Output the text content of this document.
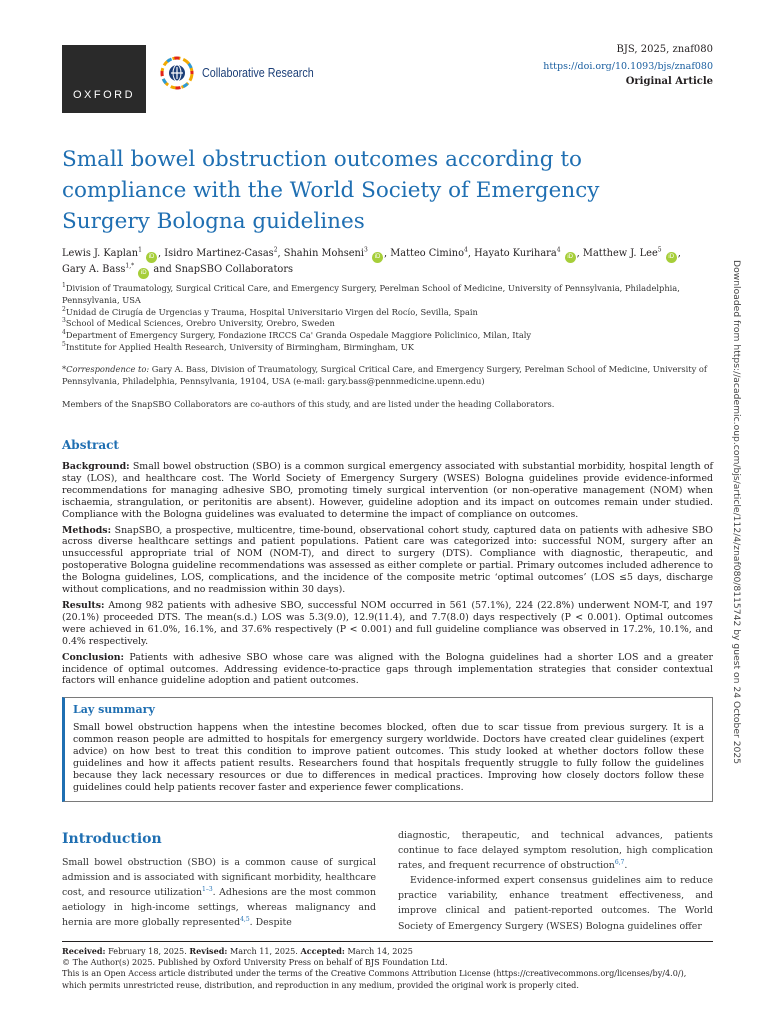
OXFORD
Collaborative Research
BJS, 2025, znaf080
https://doi.org/10.1093/bjs/znaf080
Original Article
Small bowel obstruction outcomes according to compliance with the World Society of Emergency Surgery Bologna guidelines
Lewis J. Kaplan$^1$ iD , Isidro Martinez-Casas$^2$, Shahin Mohseni$^3$ iD , Matteo Cimino$^4$, Hayato Kurihara$^4$ iD , Matthew J. Lee$^5$ iD ,
Gary A. Bass$^{1,*}$ iD and SnapSBO Collaborators
$^1$Division of Traumatology, Surgical Critical Care, and Emergency Surgery, Perelman School of Medicine, University of Pennsylvania, Philadelphia, Pennsylvania, USA
$^2$Unidad de Cirugía de Urgencias y Trauma, Hospital Universitario Virgen del Rocío, Sevilla, Spain
$^3$School of Medical Sciences, Orebro University, Orebro, Sweden
$^4$Department of Emergency Surgery, Fondazione IRCCS Ca' Granda Ospedale Maggiore Policlinico, Milan, Italy
$^5$Institute for Applied Health Research, University of Birmingham, Birmingham, UK
*Correspondence to: Gary A. Bass, Division of Traumatology, Surgical Critical Care, and Emergency Surgery, Perelman School of Medicine, University of Pennsylvania, Philadelphia, Pennsylvania, 19104, USA (e-mail: gary.bass@pennmedicine.upenn.edu)
Members of the SnapSBO Collaborators are co-authors of this study, and are listed under the heading Collaborators.
Abstract

Background: Small bowel obstruction (SBO) is a common surgical emergency associated with substantial morbidity, hospital length of stay (LOS), and healthcare cost. The World Society of Emergency Surgery (WSES) Bologna guidelines provide evidence-informed recommendations for managing adhesive SBO, promoting timely surgical intervention (or non-operative management (NOM) when ischaemia, strangulation, or peritonitis are absent). However, guideline adoption and its impact on outcomes remain under studied. Compliance with the Bologna guidelines was evaluated to determine the impact of compliance on outcomes.

Methods: SnapSBO, a prospective, multicentre, time-bound, observational cohort study, captured data on patients with adhesive SBO across diverse healthcare settings and patient populations. Patient care was categorized into: successful NOM, surgery after an unsuccessful appropriate trial of NOM (NOM-T), and direct to surgery (DTS). Compliance with diagnostic, therapeutic, and postoperative Bologna guideline recommendations was assessed as either complete or partial. Primary outcomes included adherence to the Bologna guidelines, LOS, complications, and the incidence of the composite metric ‘optimal outcomes’ (LOS ≤5 days, discharge without complications, and no readmission within 30 days).

Results: Among 982 patients with adhesive SBO, successful NOM occurred in 561 (57.1%), 224 (22.8%) underwent NOM-T, and 197 (20.1%) proceeded DTS. The mean(s.d.) LOS was 5.3(9.0), 12.9(11.4), and 7.7(8.0) days respectively (P < 0.001). Optimal outcomes were achieved in 61.0%, 16.1%, and 37.6% respectively (P < 0.001) and full guideline compliance was observed in 17.2%, 10.1%, and 0.4% respectively.

Conclusion: Patients with adhesive SBO whose care was aligned with the Bologna guidelines had a shorter LOS and a greater incidence of optimal outcomes. Addressing evidence-to-practice gaps through implementation strategies that consider contextual factors will enhance guideline adoption and patient outcomes.

Lay summary
Small bowel obstruction happens when the intestine becomes blocked, often due to scar tissue from previous surgery. It is a common reason people are admitted to hospitals for emergency surgery worldwide. Doctors have created clear guidelines (expert advice) on how best to treat this condition to improve patient outcomes. This study looked at whether doctors follow these guidelines and how it affects patient results. Researchers found that hospitals frequently struggle to fully follow the guidelines because they lack necessary resources or due to differences in medical practices. Improving how closely doctors follow these guidelines could help patients recover faster and experience fewer complications.
Introduction

Small bowel obstruction (SBO) is a common cause of surgical admission and is associated with significant morbidity, healthcare cost, and resource utilization$^{1-3}$. Adhesions are the most common aetiology in high-income settings, whereas malignancy and hernia are more globally represented$^{4,5}$. Despite

diagnostic, therapeutic, and technical advances, patients continue to face delayed symptom resolution, high complication rates, and frequent recurrence of obstruction$^{6,7}$.

Evidence-informed expert consensus guidelines aim to reduce practice variability, enhance treatment effectiveness, and improve clinical and patient-reported outcomes. The World Society of Emergency Surgery (WSES) Bologna guidelines offer

Received: February 18, 2025. Revised: March 11, 2025. Accepted: March 14, 2025

© The Author(s) 2025. Published by Oxford University Press on behalf of BJS Foundation Ltd.

This is an Open Access article distributed under the terms of the Creative Commons Attribution License (https://creativecommons.org/licenses/by/4.0/), which permits unrestricted reuse, distribution, and reproduction in any medium, provided the original work is properly cited.

Downloaded from https://academic.oup.com/bjs/article/112/4/znaf080/8115742 by guest on 24 October 2025
